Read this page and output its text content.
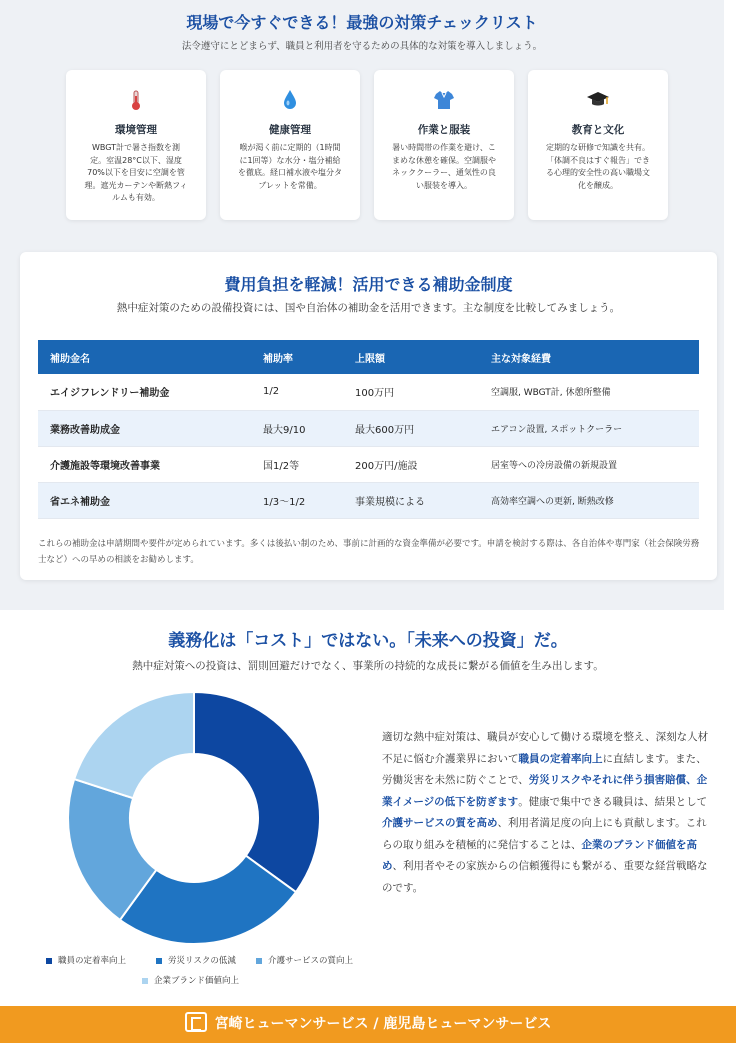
現場で今すぐできる！最強の対策チェックリスト
法令遵守にとどまらず、職員と利用者を守るための具体的な対策を導入しましょう。
環境管理
WBGT計で暑さ指数を測定。室温28°C以下、湿度70%以下を目安に空調を管理。遮光カーテンや断熱フィルムも有効。
健康管理
喉が渇く前に定期的（1時間に1回等）な水分・塩分補給を徹底。経口補水液や塩分タブレットを常備。
作業と服装
暑い時間帯の作業を避け、こまめな休憩を確保。空調服やネッククーラー、通気性の良い服装を導入。
教育と文化
定期的な研修で知識を共有。「体調不良はすぐ報告」できる心理的安全性の高い職場文化を醸成。
費用負担を軽減！活用できる補助金制度
熱中症対策のための設備投資には、国や自治体の補助金を活用できます。主な制度を比較してみましょう。
補助金名	補助率	上限額	主な対象経費
エイジフレンドリー補助金	1/2	100万円	空調服, WBGT計, 休憩所整備
業務改善助成金	最大9/10	最大600万円	エアコン設置, スポットクーラー
介護施設等環境改善事業	国1/2等	200万円/施設	居室等への冷房設備の新規設置
省エネ補助金	1/3〜1/2	事業規模による	高効率空調への更新, 断熱改修
これらの補助金は申請期間や要件が定められています。多くは後払い制のため、事前に計画的な資金準備が必要です。申請を検討する際は、各自治体や専門家（社会保険労務士など）への早めの相談をお勧めします。
義務化は「コスト」ではない。「未来への投資」だ。
熱中症対策への投資は、罰則回避だけでなく、事業所の持続的な成長に繋がる価値を生み出します。
職員の定着率向上	労災リスクの低減	介護サービスの質向上
企業ブランド価値向上
適切な熱中症対策は、職員が安心して働ける環境を整え、深刻な人材不足に悩む介護業界において職員の定着率向上に直結します。また、労働災害を未然に防ぐことで、労災リスクやそれに伴う損害賠償、企業イメージの低下を防ぎます。健康で集中できる職員は、結果として介護サービスの質を高め、利用者満足度の向上にも貢献します。これらの取り組みを積極的に発信することは、企業のブランド価値を高め、利用者やその家族からの信頼獲得にも繋がる、重要な経営戦略なのです。
宮崎ヒューマンサービス / 鹿児島ヒューマンサービス
